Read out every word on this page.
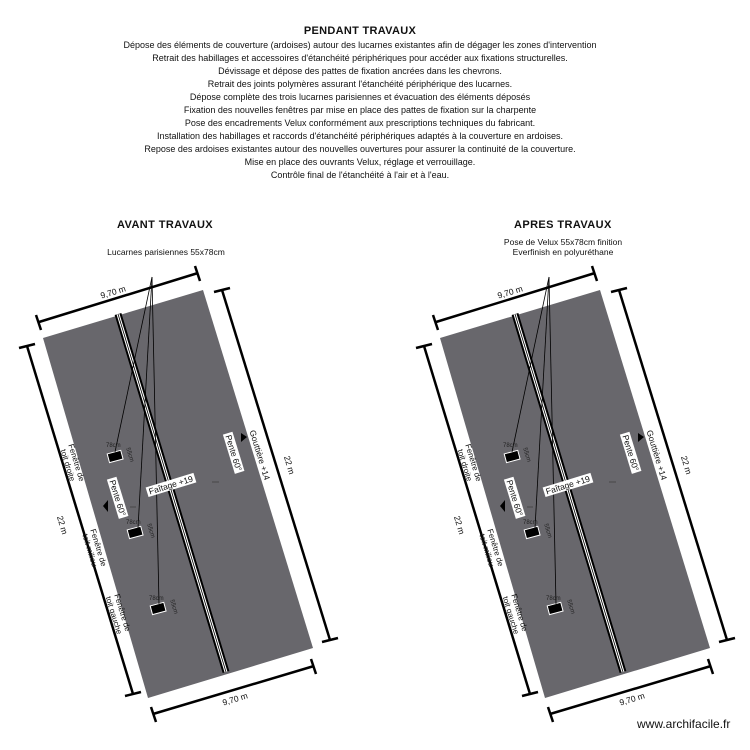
PENDANT TRAVAUX
Dépose des éléments de couverture (ardoises) autour des lucarnes existantes afin de dégager les zones d'intervention
Retrait des habillages et accessoires d'étanchéité périphériques pour accéder aux fixations structurelles.
Dévissage et dépose des pattes de fixation ancrées dans les chevrons.
Retrait des joints polymères assurant l'étanchéité périphérique des lucarnes.
Dépose complète des trois lucarnes parisiennes et évacuation des éléments déposés
Fixation des nouvelles fenêtres par mise en place des pattes de fixation sur la charpente
Pose des encadrements Velux conformément aux prescriptions techniques du fabricant.
Installation des habillages et raccords d'étanchéité périphériques adaptés à la couverture en ardoises.
Repose des ardoises existantes autour des nouvelles ouvertures pour assurer la continuité de la couverture.
Mise en place des ouvrants Velux, réglage et verrouillage.
Contrôle final de l'étanchéité à l'air et à l'eau.
AVANT TRAVAUX	APRES TRAVAUX
Lucarnes parisiennes 55x78cm
Pose de Velux 55x78cm finition
Everfinish en polyuréthane
9,70 m
9,70 m
22 m
22 m
Faîtage +19
Gouttière +14
Pente 60°
Pente 60°
Fenêtre de toit droite
Fenêtre de toit milieu
Fenêtre de toit gauche
78cm
55cm
78cm
55cm
78cm
55cm
9,70 m
9,70 m
22 m
22 m
Faîtage +19
Gouttière +14
Pente 60°
Pente 60°
Fenêtre de toit droite
Fenêtre de toit milieu
Fenêtre de toit gauche
78cm
55cm
78cm
55cm
78cm
55cm
www.archifacile.fr
